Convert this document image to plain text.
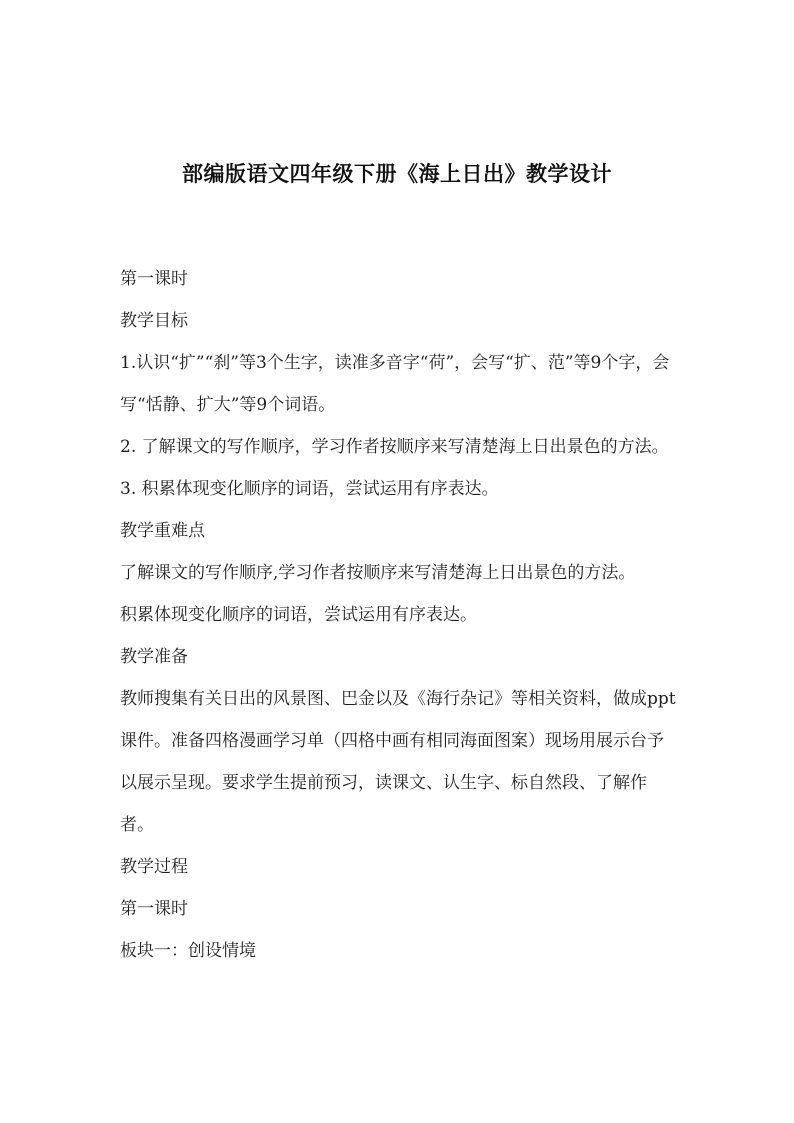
部编版语文四年级下册《海上日出》教学设计

第一课时

教学目标

1.认识“扩”“刹”等3个生字，读准多音字“荷”，会写“扩、范”等9个字，会写“恬静、扩大”等9个词语。

2. 了解课文的写作顺序，学习作者按顺序来写清楚海上日出景色的方法。

3. 积累体现变化顺序的词语，尝试运用有序表达。

教学重难点

了解课文的写作顺序,学习作者按顺序来写清楚海上日出景色的方法。

积累体现变化顺序的词语，尝试运用有序表达。

教学准备

教师搜集有关日出的风景图、巴金以及《海行杂记》等相关资料，做成ppt课件。准备四格漫画学习单（四格中画有相同海面图案）现场用展示台予以展示呈现。要求学生提前预习，读课文、认生字、标自然段、了解作者。

教学过程

第一课时

板块一：创设情境
